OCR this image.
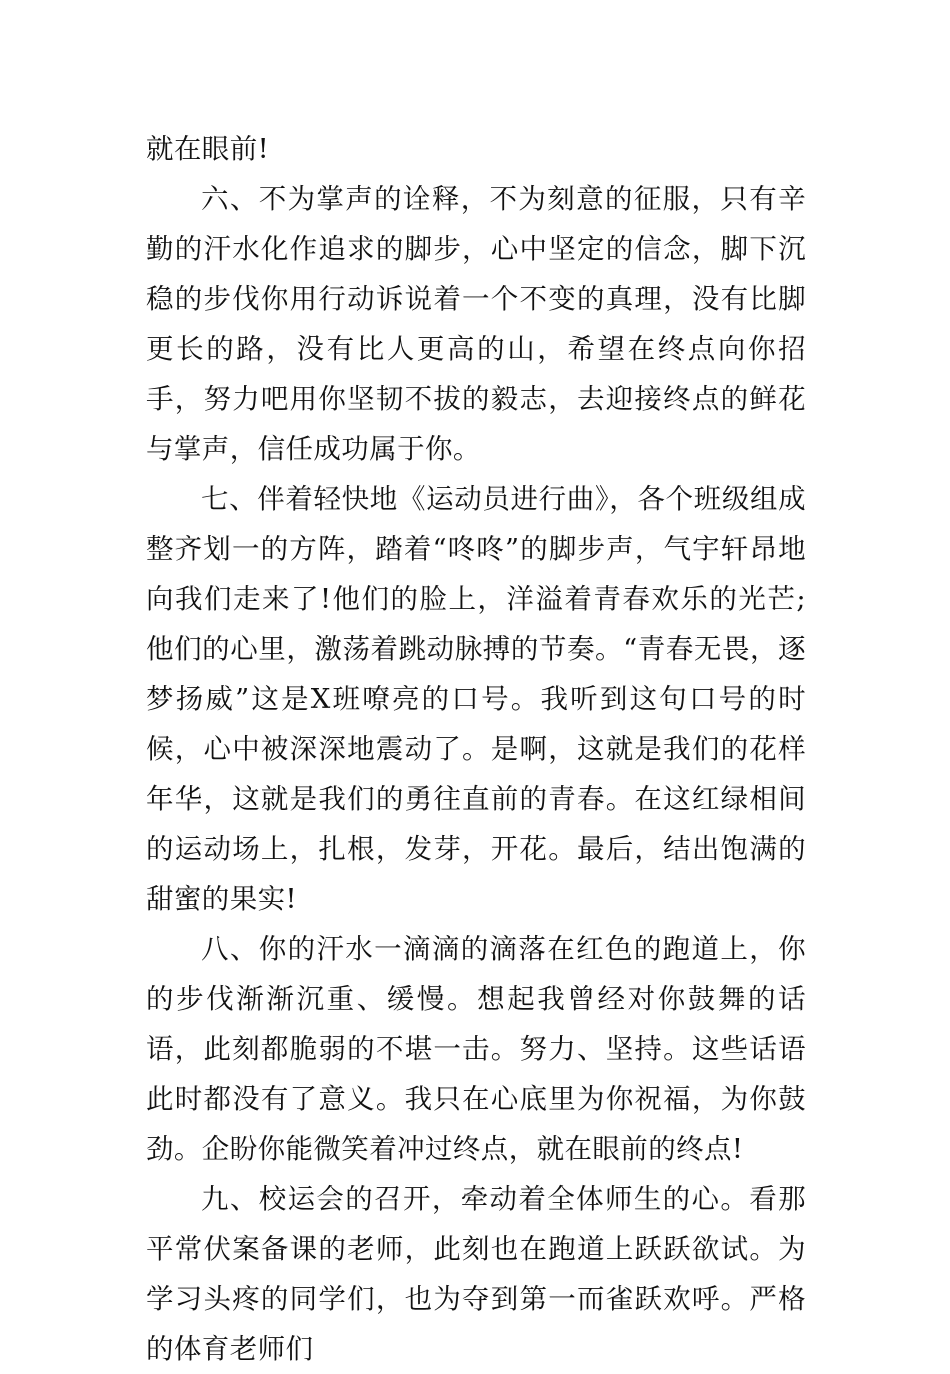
就在眼前!

六、不为掌声的诠释，不为刻意的征服，只有辛勤的汗水化作追求的脚步，心中坚定的信念，脚下沉稳的步伐你用行动诉说着一个不变的真理，没有比脚更长的路，没有比人更高的山，希望在终点向你招手，努力吧用你坚韧不拔的毅志，去迎接终点的鲜花与掌声，信任成功属于你。

七、伴着轻快地《运动员进行曲》，各个班级组成整齐划一的方阵，踏着“咚咚”的脚步声，气宇轩昂地向我们走来了!他们的脸上，洋溢着青春欢乐的光芒;他们的心里，激荡着跳动脉搏的节奏。“青春无畏，逐梦扬威”这是X班嘹亮的口号。我听到这句口号的时候，心中被深深地震动了。是啊，这就是我们的花样年华，这就是我们的勇往直前的青春。在这红绿相间的运动场上，扎根，发芽，开花。最后，结出饱满的甜蜜的果实!

八、你的汗水一滴滴的滴落在红色的跑道上，你的步伐渐渐沉重、缓慢。想起我曾经对你鼓舞的话语，此刻都脆弱的不堪一击。努力、坚持。这些话语此时都没有了意义。我只在心底里为你祝福，为你鼓劲。企盼你能微笑着冲过终点，就在眼前的终点!

九、校运会的召开，牵动着全体师生的心。看那平常伏案备课的老师，此刻也在跑道上跃跃欲试。为学习头疼的同学们，也为夺到第一而雀跃欢呼。严格的体育老师们
